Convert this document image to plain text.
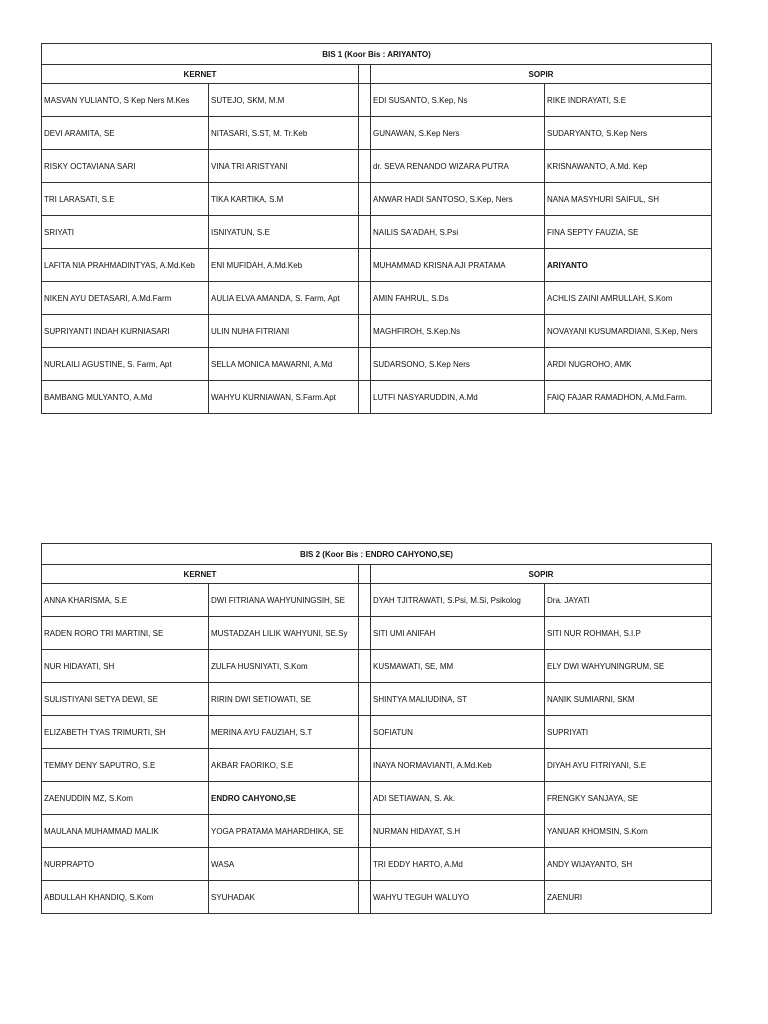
BIS 1 (Koor Bis : ARIYANTO)				
KERNET			SOPIR	
MASVAN YULIANTO, S Kep Ners M.Kes	SUTEJO, SKM, M.M		EDI SUSANTO, S.Kep, Ns	RIKE INDRAYATI, S.E
DEVI ARAMITA, SE	NITASARI, S.ST, M. Tr.Keb		GUNAWAN, S.Kep Ners	SUDARYANTO, S.Kep Ners
RISKY OCTAVIANA SARI	VINA TRI ARISTYANI		dr. SEVA RENANDO WIZARA PUTRA	KRISNAWANTO, A.Md. Kep
TRI LARASATI, S.E	TIKA KARTIKA, S.M		ANWAR HADI SANTOSO, S.Kep, Ners	NANA MASYHURI SAIFUL, SH
SRIYATI	ISNIYATUN, S.E		NAILIS SA'ADAH, S.Psi	FINA SEPTY FAUZIA, SE
LAFITA NIA PRAHMADINTYAS, A.Md.Keb	ENI MUFIDAH, A.Md.Keb		MUHAMMAD KRISNA AJI PRATAMA	ARIYANTO
NIKEN AYU DETASARI, A.Md.Farm	AULIA ELVA AMANDA, S. Farm, Apt		AMIN FAHRUL, S.Ds	ACHLIS ZAINI AMRULLAH, S.Kom
SUPRIYANTI INDAH KURNIASARI	ULIN NUHA FITRIANI		MAGHFIROH, S.Kep.Ns	NOVAYANI KUSUMARDIANI, S.Kep, Ners
NURLAILI AGUSTINE, S. Farm, Apt	SELLA MONICA MAWARNI, A.Md		SUDARSONO, S.Kep Ners	ARDI NUGROHO, AMK
BAMBANG MULYANTO, A.Md	WAHYU KURNIAWAN, S.Farm.Apt		LUTFI NASYARUDDIN, A.Md	FAIQ FAJAR RAMADHON, A.Md.Farm.
BIS 2 (Koor Bis : ENDRO CAHYONO,SE)				
KERNET			SOPIR	
ANNA KHARISMA, S.E	DWI FITRIANA WAHYUNINGSIH, SE		DYAH TJITRAWATI, S.Psi, M.Si, Psikolog	Dra. JAYATI
RADEN RORO TRI MARTINI, SE	MUSTADZAH LILIK WAHYUNI, SE.Sy		SITI UMI ANIFAH	SITI NUR ROHMAH, S.I.P
NUR HIDAYATI, SH	ZULFA HUSNIYATI, S.Kom		KUSMAWATI, SE, MM	ELY DWI WAHYUNINGRUM, SE
SULISTIYANI SETYA DEWI, SE	RIRIN DWI SETIOWATI, SE		SHINTYA MALIUDINA, ST	NANIK SUMIARNI, SKM
ELIZABETH TYAS TRIMURTI, SH	MERINA AYU FAUZIAH, S.T		SOFIATUN	SUPRIYATI
TEMMY DENY SAPUTRO, S.E	AKBAR FAORIKO, S.E		INAYA NORMAVIANTI, A.Md.Keb	DIYAH AYU FITRIYANI, S.E
ZAENUDDIN MZ, S.Kom	ENDRO CAHYONO,SE		ADI SETIAWAN, S. Ak.	FRENGKY SANJAYA, SE
MAULANA MUHAMMAD MALIK	YOGA PRATAMA MAHARDHIKA, SE		NURMAN HIDAYAT, S.H	YANUAR KHOMSIN, S.Kom
NURPRAPTO	WASA		TRI EDDY HARTO, A.Md	ANDY WIJAYANTO, SH
ABDULLAH KHANDIQ, S.Kom	SYUHADAK		WAHYU TEGUH WALUYO	ZAENURI
